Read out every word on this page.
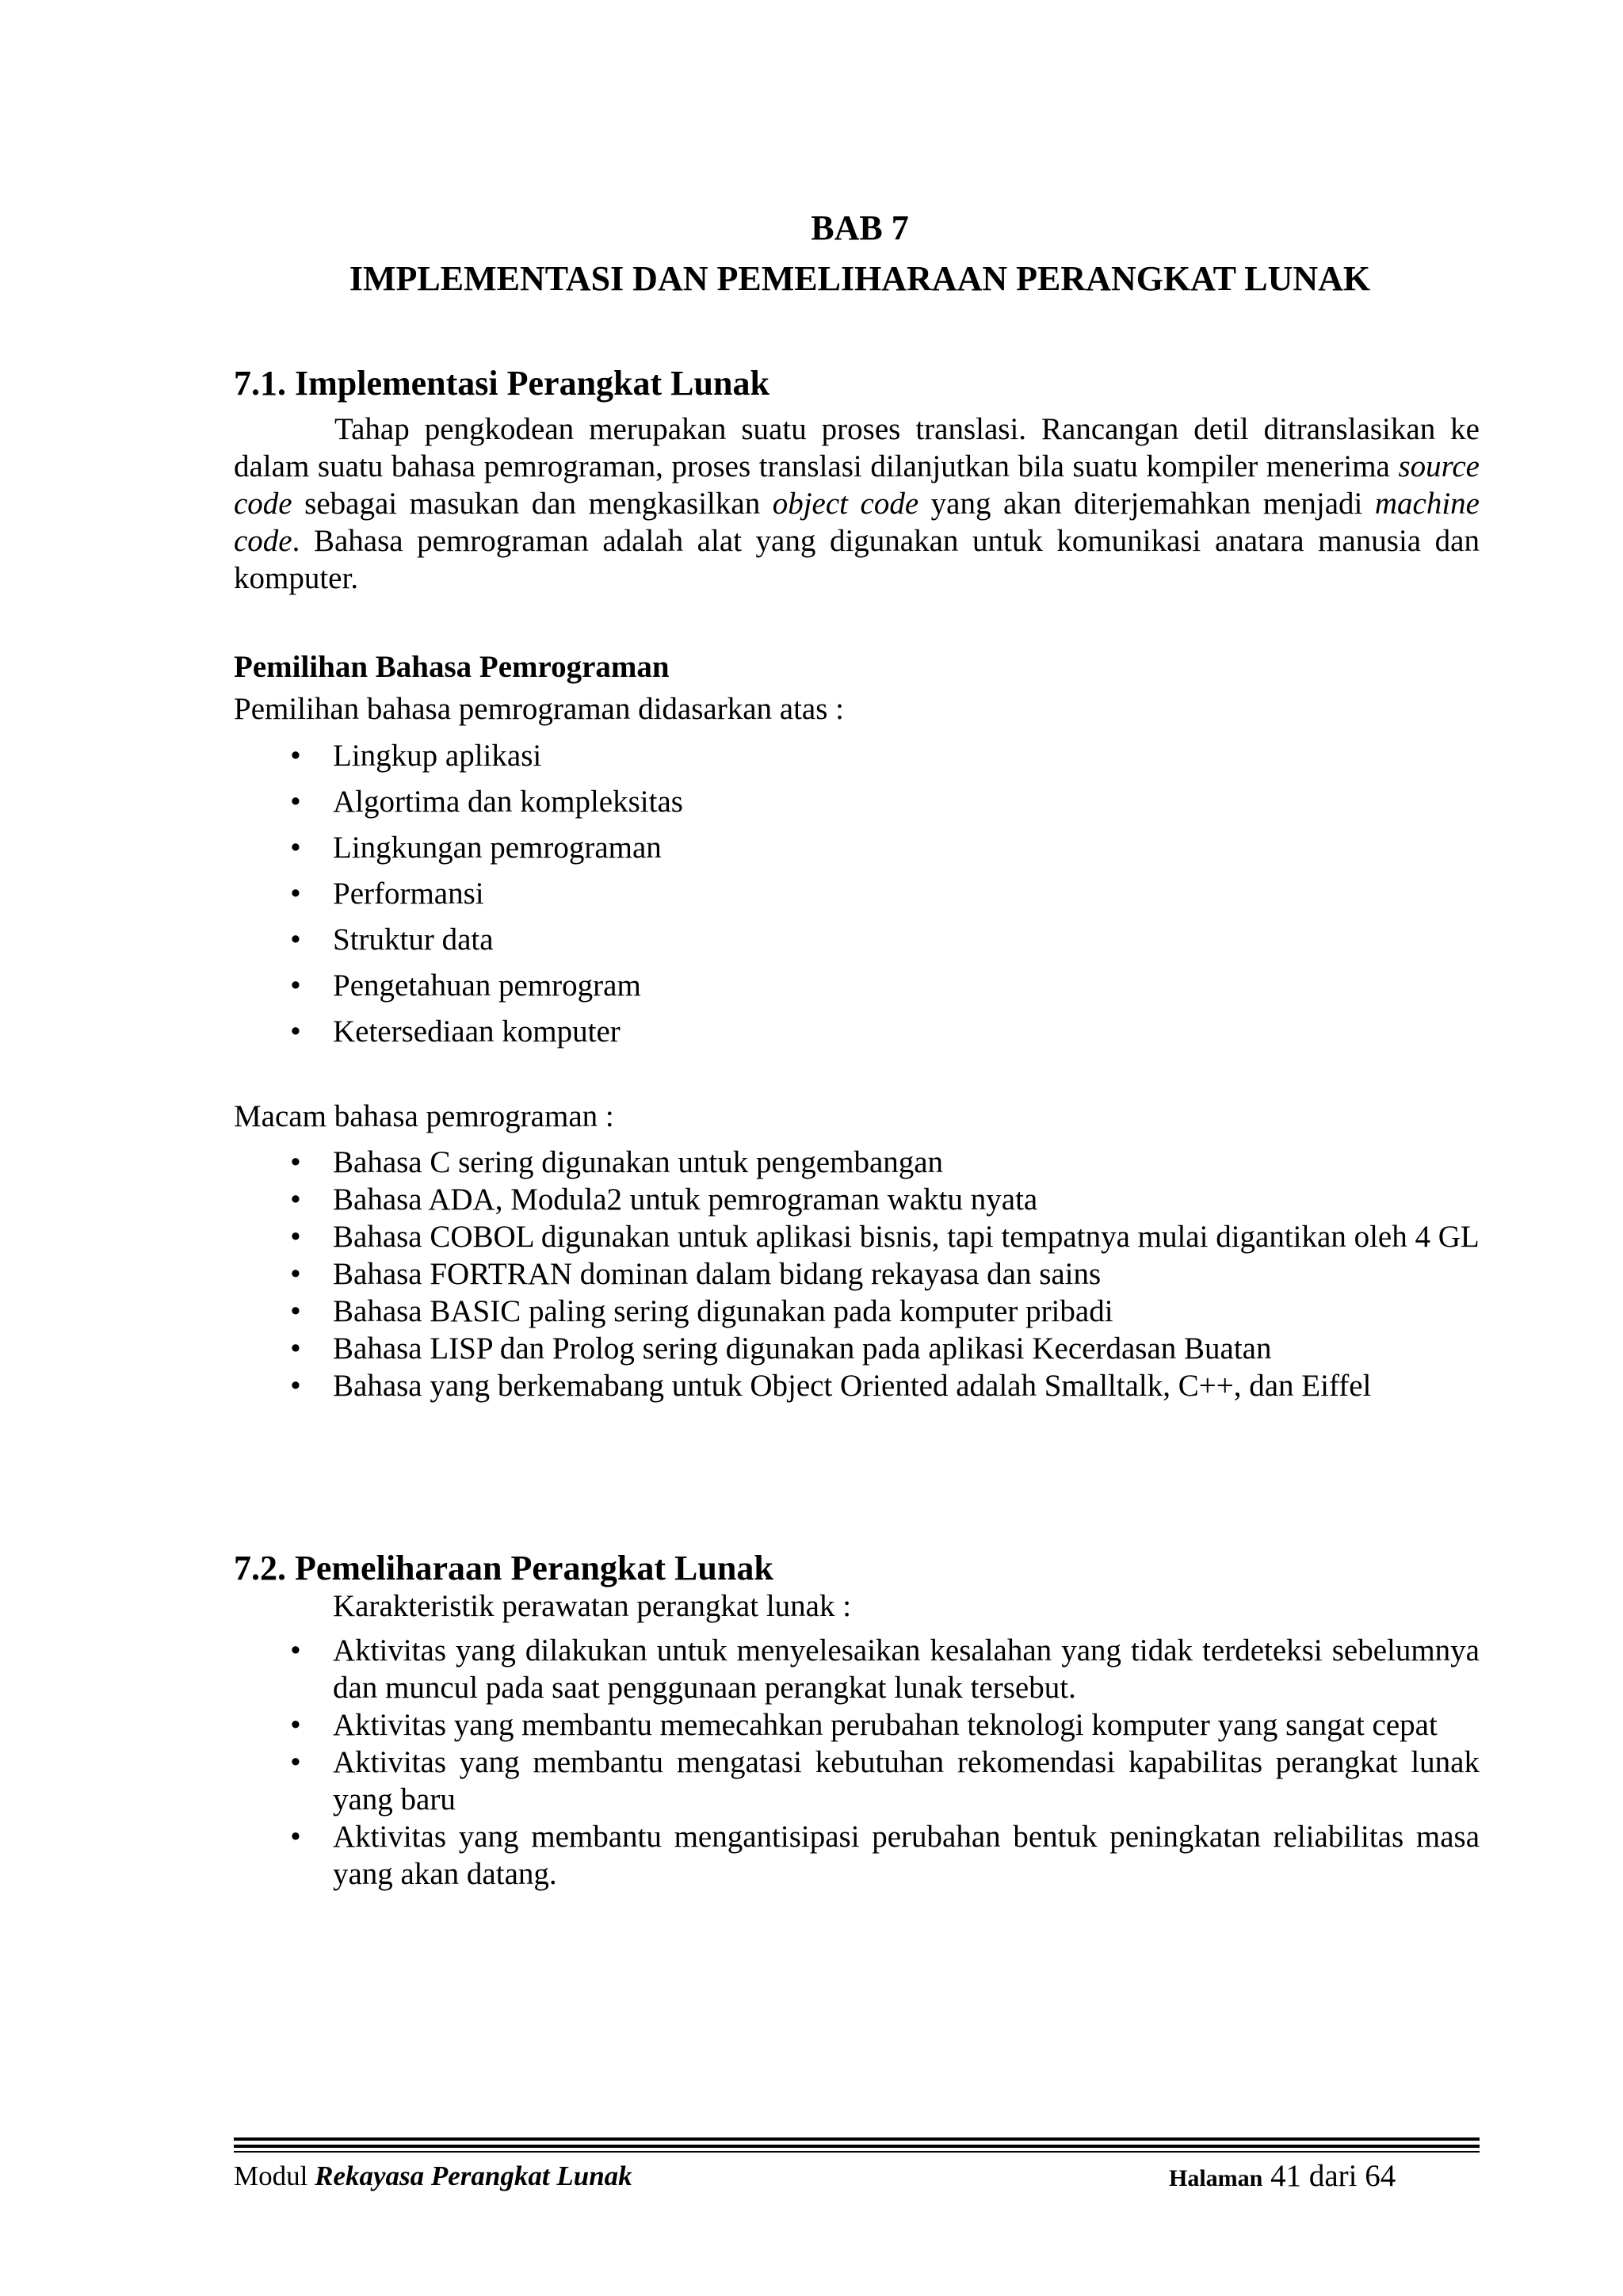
BAB 7
IMPLEMENTASI DAN PEMELIHARAAN PERANGKAT LUNAK
7.1. Implementasi Perangkat Lunak

Tahap pengkodean merupakan suatu proses translasi. Rancangan detil ditranslasikan ke dalam suatu bahasa pemrograman, proses translasi dilanjutkan bila suatu kompiler menerima source code sebagai masukan dan mengkasilkan object code yang akan diterjemahkan menjadi machine code. Bahasa pemrograman adalah alat yang digunakan untuk komunikasi anatara manusia dan komputer.

Pemilihan Bahasa Pemrograman
Pemilihan bahasa pemrograman didasarkan atas :
• Lingkup aplikasi
• Algortima dan kompleksitas
• Lingkungan pemrograman
• Performansi
• Struktur data
• Pengetahuan pemrogram
• Ketersediaan komputer
Macam bahasa pemrograman :
• Bahasa C sering digunakan untuk pengembangan
• Bahasa ADA, Modula2 untuk pemrograman waktu nyata
• Bahasa COBOL digunakan untuk aplikasi bisnis, tapi tempatnya mulai digantikan oleh 4 GL
• Bahasa FORTRAN dominan dalam bidang rekayasa dan sains
• Bahasa BASIC paling sering digunakan pada komputer pribadi
• Bahasa LISP dan Prolog sering digunakan pada aplikasi Kecerdasan Buatan
• Bahasa yang berkemabang untuk Object Oriented adalah Smalltalk, C++, dan Eiffel
7.2. Pemeliharaan Perangkat Lunak
Karakteristik perawatan perangkat lunak :
• Aktivitas yang dilakukan untuk menyelesaikan kesalahan yang tidak terdeteksi sebelumnya dan muncul pada saat penggunaan perangkat lunak tersebut.
• Aktivitas yang membantu memecahkan perubahan teknologi komputer yang sangat cepat
• Aktivitas yang membantu mengatasi kebutuhan rekomendasi kapabilitas perangkat lunak yang baru
• Aktivitas yang membantu mengantisipasi perubahan bentuk peningkatan reliabilitas masa yang akan datang.
Modul Rekayasa Perangkat Lunak	Halaman 41 dari 64
